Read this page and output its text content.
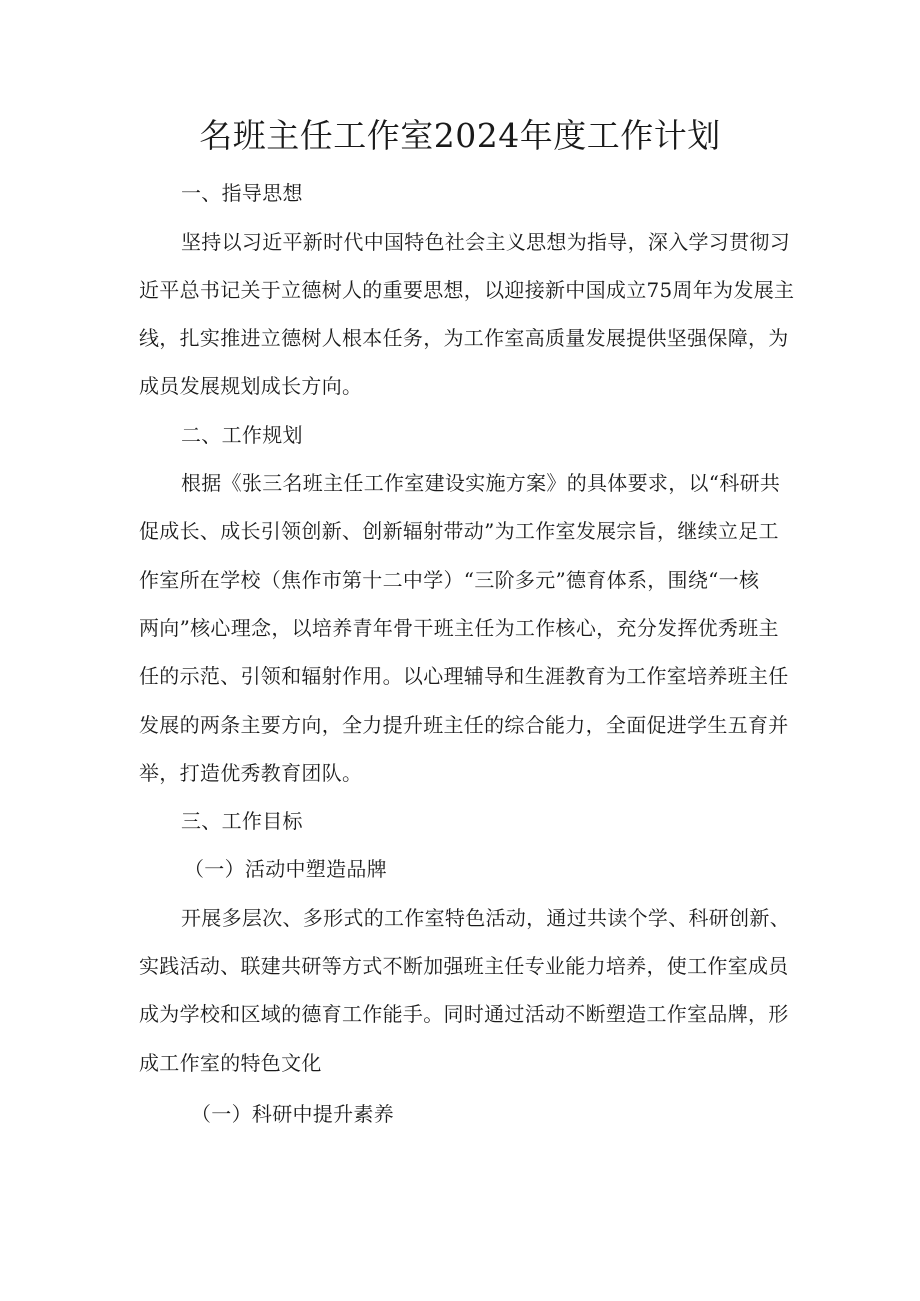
名班主任工作室2024年度工作计划
一、指导思想
坚持以习近平新时代中国特色社会主义思想为指导，深入学习贯彻习
近平总书记关于立德树人的重要思想，以迎接新中国成立75周年为发展主
线，扎实推进立德树人根本任务，为工作室高质量发展提供坚强保障，为
成员发展规划成长方向。
二、工作规划
根据《张三名班主任工作室建设实施方案》的具体要求，以“科研共
促成长、成长引领创新、创新辐射带动”为工作室发展宗旨，继续立足工
作室所在学校（焦作市第十二中学）“三阶多元”德育体系，围绕“一核
两向”核心理念，以培养青年骨干班主任为工作核心，充分发挥优秀班主
任的示范、引领和辐射作用。以心理辅导和生涯教育为工作室培养班主任
发展的两条主要方向，全力提升班主任的综合能力，全面促进学生五育并
举，打造优秀教育团队。
三、工作目标
（一）活动中塑造品牌
开展多层次、多形式的工作室特色活动，通过共读个学、科研创新、
实践活动、联建共研等方式不断加强班主任专业能力培养，使工作室成员
成为学校和区域的德育工作能手。同时通过活动不断塑造工作室品牌，形
成工作室的特色文化
（一）科研中提升素养
